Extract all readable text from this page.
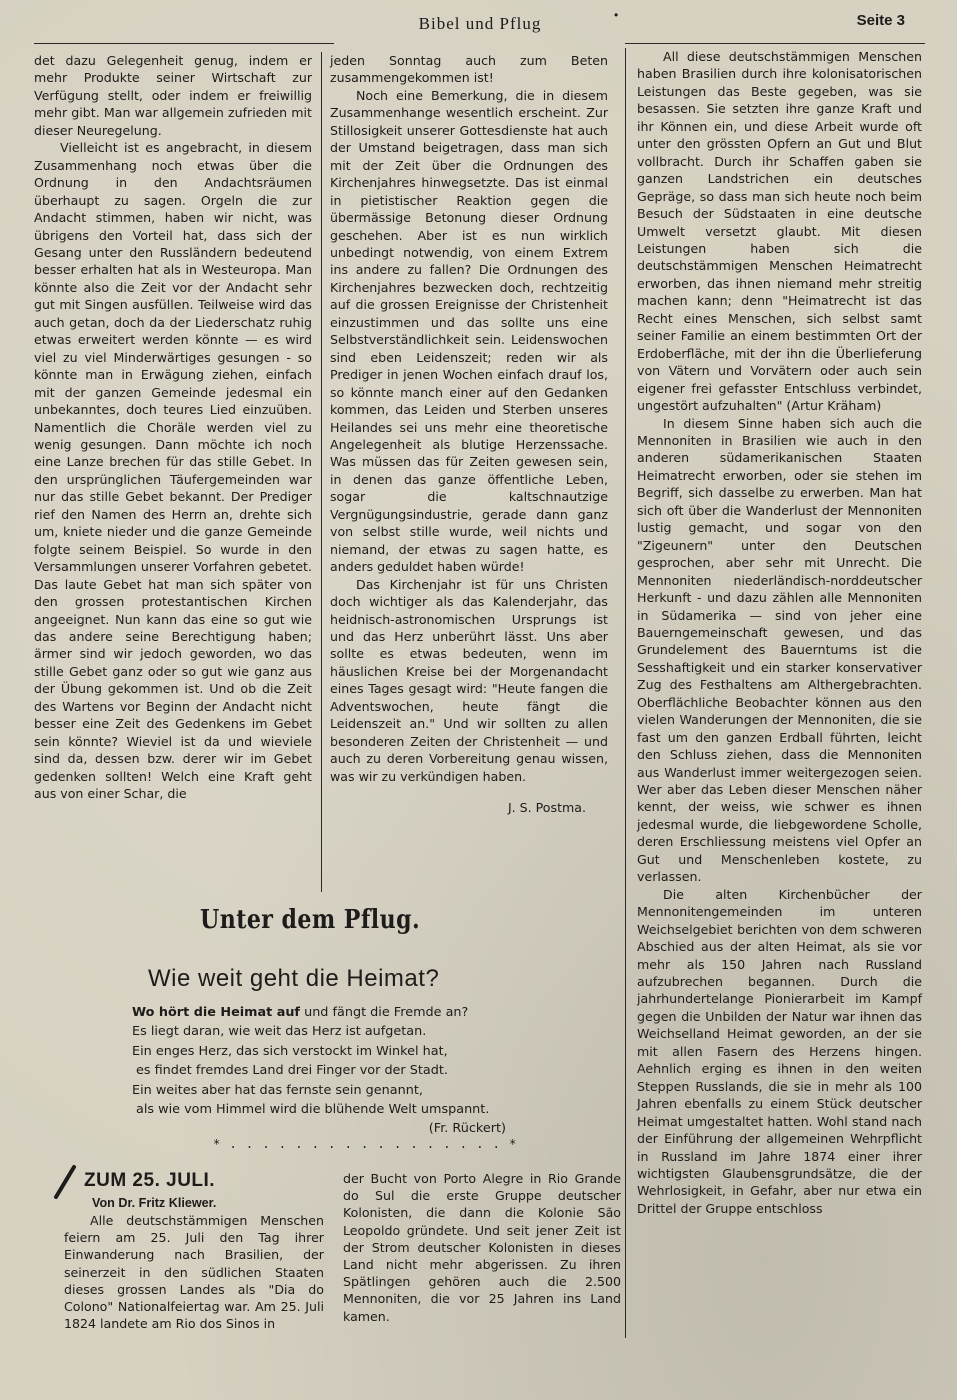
Bibel und Pflug	•	Seite 3

det dazu Gelegenheit genug, indem er mehr Produkte seiner Wirtschaft zur Verfügung stellt, oder indem er freiwillig mehr gibt. Man war allgemein zufrieden mit dieser Neuregelung.

Vielleicht ist es angebracht, in diesem Zusammenhang noch etwas über die Ordnung in den Andachtsräumen überhaupt zu sagen. Orgeln die zur Andacht stimmen, haben wir nicht, was übrigens den Vorteil hat, dass sich der Gesang unter den Russländern bedeutend besser erhalten hat als in Westeuropa. Man könnte also die Zeit vor der Andacht sehr gut mit Singen ausfüllen. Teilweise wird das auch getan, doch da der Liederschatz ruhig etwas erweitert werden könnte — es wird viel zu viel Minderwärtiges gesungen - so könnte man in Erwägung ziehen, einfach mit der ganzen Gemeinde jedesmal ein unbekanntes, doch teures Lied einzuüben. Namentlich die Choräle werden viel zu wenig gesungen. Dann möchte ich noch eine Lanze brechen für das stille Gebet. In den ursprünglichen Täufergemeinden war nur das stille Gebet bekannt. Der Prediger rief den Namen des Herrn an, drehte sich um, kniete nieder und die ganze Gemeinde folgte seinem Beispiel. So wurde in den Versammlungen unserer Vorfahren gebetet. Das laute Gebet hat man sich später von den grossen protestantischen Kirchen angeeignet. Nun kann das eine so gut wie das andere seine Berechtigung haben; ärmer sind wir jedoch geworden, wo das stille Gebet ganz oder so gut wie ganz aus der Übung gekommen ist. Und ob die Zeit des Wartens vor Beginn der Andacht nicht besser eine Zeit des Gedenkens im Gebet sein könnte? Wieviel ist da und wieviele sind da, dessen bzw. derer wir im Gebet gedenken sollten! Welch eine Kraft geht aus von einer Schar, die

jeden Sonntag auch zum Beten zusammengekommen ist!

Noch eine Bemerkung, die in diesem Zusammenhange wesentlich erscheint. Zur Stillosigkeit unserer Gottesdienste hat auch der Umstand beigetragen, dass man sich mit der Zeit über die Ordnungen des Kirchenjahres hinwegsetzte. Das ist einmal in pietistischer Reaktion gegen die übermässige Betonung dieser Ordnung geschehen. Aber ist es nun wirklich unbedingt notwendig, von einem Extrem ins andere zu fallen? Die Ordnungen des Kirchenjahres bezwecken doch, rechtzeitig auf die grossen Ereignisse der Christenheit einzustimmen und das sollte uns eine Selbstverständlichkeit sein. Leidenswochen sind eben Leidenszeit; reden wir als Prediger in jenen Wochen einfach drauf los, so könnte manch einer auf den Gedanken kommen, das Leiden und Sterben unseres Heilandes sei uns mehr eine theoretische Angelegenheit als blutige Herzenssache. Was müssen das für Zeiten gewesen sein, in denen das ganze öffentliche Leben, sogar die kaltschnautzige Vergnügungsindustrie, gerade dann ganz von selbst stille wurde, weil nichts und niemand, der etwas zu sagen hatte, es anders geduldet haben würde!

Das Kirchenjahr ist für uns Christen doch wichtiger als das Kalenderjahr, das heidnisch-astronomischen Ursprungs ist und das Herz unberührt lässt. Uns aber sollte es etwas bedeuten, wenn im häuslichen Kreise bei der Morgenandacht eines Tages gesagt wird: "Heute fangen die Adventswochen, heute fängt die Leidenszeit an." Und wir sollten zu allen besonderen Zeiten der Christenheit — und auch zu deren Vorbereitung genau wissen, was wir zu verkündigen haben.

J. S. Postma.

All diese deutschstämmigen Menschen haben Brasilien durch ihre kolonisatorischen Leistungen das Beste gegeben, was sie besassen. Sie setzten ihre ganze Kraft und ihr Können ein, und diese Arbeit wurde oft unter den grössten Opfern an Gut und Blut vollbracht. Durch ihr Schaffen gaben sie ganzen Landstrichen ein deutsches Gepräge, so dass man sich heute noch beim Besuch der Südstaaten in eine deutsche Umwelt versetzt glaubt. Mit diesen Leistungen haben sich die deutschstämmigen Menschen Heimatrecht erworben, das ihnen niemand mehr streitig machen kann; denn "Heimatrecht ist das Recht eines Menschen, sich selbst samt seiner Familie an einem bestimmten Ort der Erdoberfläche, mit der ihn die Überlieferung von Vätern und Vorvätern oder auch sein eigener frei gefasster Entschluss verbindet, ungestört aufzuhalten" (Artur Kräham)

In diesem Sinne haben sich auch die Mennoniten in Brasilien wie auch in den anderen südamerikanischen Staaten Heimatrecht erworben, oder sie stehen im Begriff, sich dasselbe zu erwerben. Man hat sich oft über die Wanderlust der Mennoniten lustig gemacht, und sogar von den "Zigeunern" unter den Deutschen gesprochen, aber sehr mit Unrecht. Die Mennoniten niederländisch-norddeutscher Herkunft - und dazu zählen alle Mennoniten in Südamerika — sind von jeher eine Bauerngemeinschaft gewesen, und das Grundelement des Bauerntums ist die Sesshaftigkeit und ein starker konservativer Zug des Festhaltens am Althergebrachten. Oberflächliche Beobachter können aus den vielen Wanderungen der Mennoniten, die sie fast um den ganzen Erdball führten, leicht den Schluss ziehen, dass die Mennoniten aus Wanderlust immer weitergezogen seien. Wer aber das Leben dieser Menschen näher kennt, der weiss, wie schwer es ihnen jedesmal wurde, die liebgewordene Scholle, deren Erschliessung meistens viel Opfer an Gut und Menschenleben kostete, zu verlassen.

Die alten Kirchenbücher der Mennonitengemeinden im unteren Weichselgebiet berichten von dem schweren Abschied aus der alten Heimat, als sie vor mehr als 150 Jahren nach Russland aufzubrechen begannen. Durch die jahrhundertelange Pionierarbeit im Kampf gegen die Unbilden der Natur war ihnen das Weichselland Heimat geworden, an der sie mit allen Fasern des Herzens hingen. Aehnlich erging es ihnen in den weiten Steppen Russlands, die sie in mehr als 100 Jahren ebenfalls zu einem Stück deutscher Heimat umgestaltet hatten. Wohl stand nach der Einführung der allgemeinen Wehrpflicht in Russland im Jahre 1874 einer ihrer wichtigsten Glaubensgrundsätze, die der Wehrlosigkeit, in Gefahr, aber nur etwa ein Drittel der Gruppe entschloss

Unter dem Pflug.
Wie weit geht die Heimat?
Wo hört die Heimat auf und fängt die Fremde an?
Es liegt daran, wie weit das Herz ist aufgetan.
Ein enges Herz, das sich verstockt im Winkel hat,
es findet fremdes Land drei Finger vor der Stadt.
Ein weites aber hat das fernste sein genannt,
als wie vom Himmel wird die blühende Welt umspannt.
(Fr. Rückert)
* . . . . . . . . . . . . . . . . . *
ZUM 25. JULI.
Von Dr. Fritz Kliewer.

Alle deutschstämmigen Menschen feiern am 25. Juli den Tag ihrer Einwanderung nach Brasilien, der seinerzeit in den südlichen Staaten dieses grossen Landes als "Dia do Colono" Nationalfeiertag war. Am 25. Juli 1824 landete am Rio dos Sinos in

der Bucht von Porto Alegre in Rio Grande do Sul die erste Gruppe deutscher Kolonisten, die dann die Kolonie São Leopoldo gründete. Und seit jener Zeit ist der Strom deutscher Kolonisten in dieses Land nicht mehr abgerissen. Zu ihren Spätlingen gehören auch die 2.500 Mennoniten, die vor 25 Jahren ins Land kamen.
